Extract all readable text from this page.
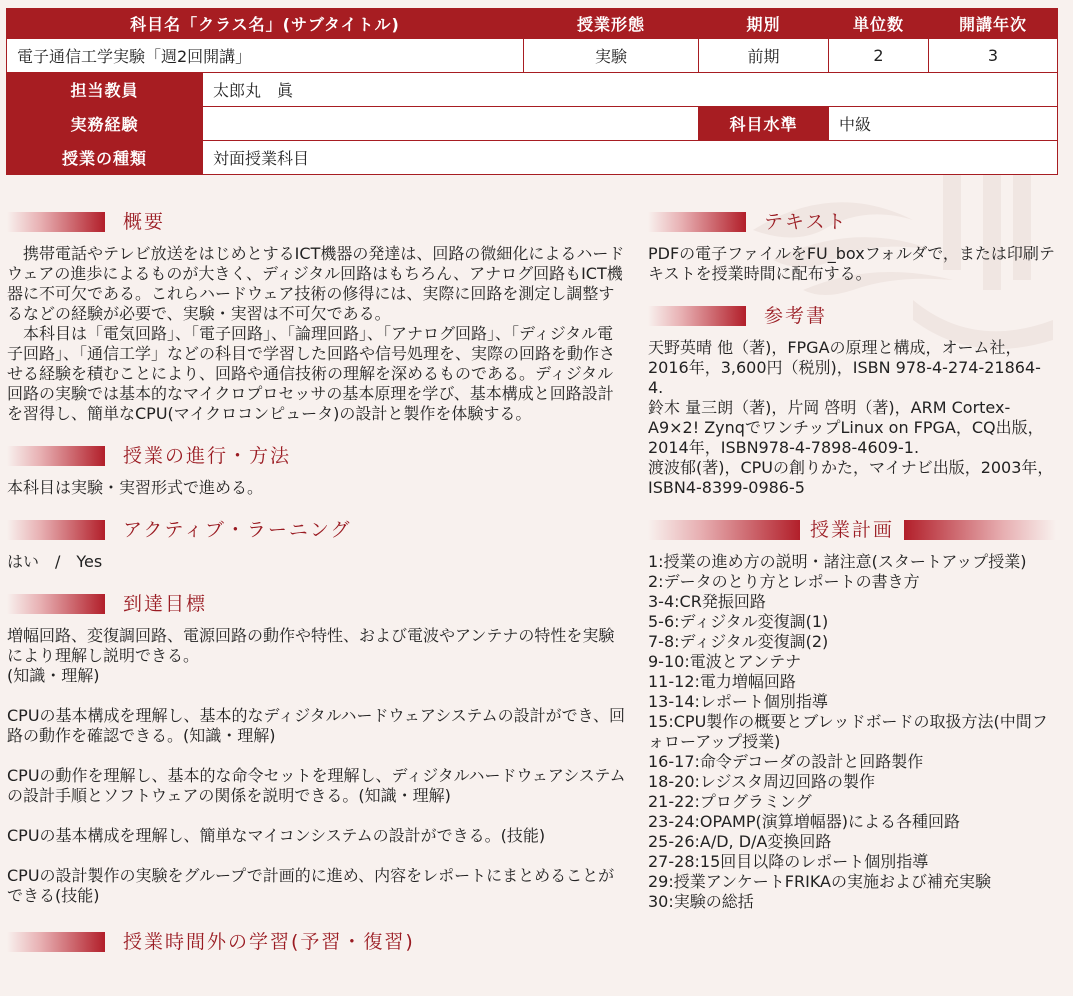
科目名「クラス名」(サブタイトル)		授業形態	期別	単位数	開講年次
電子通信工学実験「週2回開講」		実験	前期	2	3
担当教員	太郎丸　眞				
実務経験			科目水準	中級	
授業の種類	対面授業科目				
概要

　携帯電話やテレビ放送をはじめとするICT機器の発達は、回路の微細化によるハードウェアの進歩によるものが大きく、ディジタル回路はもちろん、アナログ回路もICT機器に不可欠である。これらハードウェア技術の修得には、実際に回路を測定し調整するなどの経験が必要で、実験・実習は不可欠である。

　本科目は「電気回路」、「電子回路」、「論理回路」、「アナログ回路」、「ディジタル電子回路」、「通信工学」などの科目で学習した回路や信号処理を、実際の回路を動作させる経験を積むことにより、回路や通信技術の理解を深めるものである。ディジタル回路の実験では基本的なマイクロプロセッサの基本原理を学び、基本構成と回路設計を習得し、簡単なCPU(マイクロコンピュータ)の設計と製作を体験する。

授業の進行・方法

本科目は実験・実習形式で進める。

アクティブ・ラーニング

はい　/　Yes

到達目標

増幅回路、変復調回路、電源回路の動作や特性、および電波やアンテナの特性を実験により理解し説明できる。
(知識・理解)

CPUの基本構成を理解し、基本的なディジタルハードウェアシステムの設計ができ、回路の動作を確認できる。(知識・理解)

CPUの動作を理解し、基本的な命令セットを理解し、ディジタルハードウェアシステムの設計手順とソフトウェアの関係を説明できる。(知識・理解)

CPUの基本構成を理解し、簡単なマイコンシステムの設計ができる。(技能)

CPUの設計製作の実験をグループで計画的に進め、内容をレポートにまとめることができる(技能)

授業時間外の学習(予習・復習)
テキスト

PDFの電子ファイルをFU_boxフォルダで，または印刷テキストを授業時間に配布する。

参考書

天野英晴 他（著)，FPGAの原理と構成，オーム社，2016年，3,600円（税別)，ISBN 978-4-274-21864-4.
鈴木 量三朗（著)，片岡 啓明（著)，ARM Cortex-A9×2! ZynqでワンチップLinux on FPGA，CQ出版，2014年，ISBN978-4-7898-4609-1.
渡波郁(著)，CPUの創りかた，マイナビ出版，2003年，ISBN4-8399-0986-5

授業計画
1:授業の進め方の説明・諸注意(スタートアップ授業)
2:データのとり方とレポートの書き方
3-4:CR発振回路
5-6:ディジタル変復調(1)
7-8:ディジタル変復調(2)
9-10:電波とアンテナ
11-12:電力増幅回路
13-14:レポート個別指導
15:CPU製作の概要とブレッドボードの取扱方法(中間フォローアップ授業)
16-17:命令デコーダの設計と回路製作
18-20:レジスタ周辺回路の製作
21-22:プログラミング
23-24:OPAMP(演算増幅器)による各種回路
25-26:A/D, D/A変換回路
27-28:15回目以降のレポート個別指導
29:授業アンケートFRIKAの実施および補充実験
30:実験の総括
